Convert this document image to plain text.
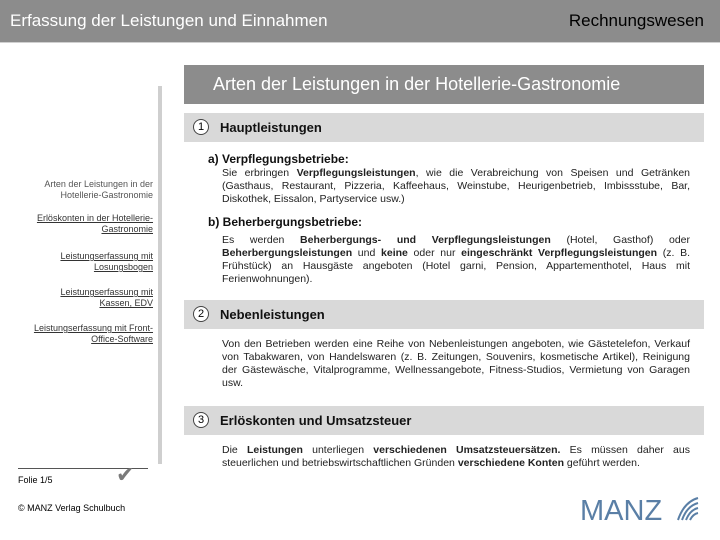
Erfassung der Leistungen und Einnahmen	Rechnungswesen
Arten der Leistungen in der Hotellerie-Gastronomie
Arten der Leistungen in der
Hotellerie-Gastronomie
Erlöskonten in der Hotellerie-
Gastronomie
Leistungserfassung mit
Losungsbogen
Leistungserfassung mit
Kassen, EDV
Leistungserfassung mit Front-
Office-Software
Folie 1/5	✔
© MANZ Verlag Schulbuch
1	Hauptleistungen
a) Verpflegungsbetriebe:
Sie erbringen Verpflegungsleistungen, wie die Verabreichung von Speisen und Getränken (Gasthaus, Restaurant, Pizzeria, Kaffeehaus, Weinstube, Heurigenbetrieb, Imbissstube, Bar, Diskothek, Eissalon, Partyservice usw.)
b) Beherbergungsbetriebe:
Es werden Beherbergungs- und Verpflegungsleistungen (Hotel, Gasthof) oder Beherbergungsleistungen und keine oder nur eingeschränkt Verpflegungsleistungen (z. B. Frühstück) an Hausgäste angeboten (Hotel garni, Pension, Appartementhotel, Haus mit Ferienwohnungen).
2	Nebenleistungen
Von den Betrieben werden eine Reihe von Nebenleistungen angeboten, wie Gästetelefon, Verkauf von Tabakwaren, von Handelswaren (z. B. Zeitungen, Souvenirs, kosmetische Artikel), Reinigung der Gästewäsche, Vitalprogramme, Wellnessangebote, Fitness-Studios, Vermietung von Garagen usw.
3	Erlöskonten und Umsatzsteuer
Die Leistungen unterliegen verschiedenen Umsatzsteuersätzen. Es müssen daher aus steuerlichen und betriebswirtschaftlichen Gründen verschiedene Konten geführt werden.
MANZ
